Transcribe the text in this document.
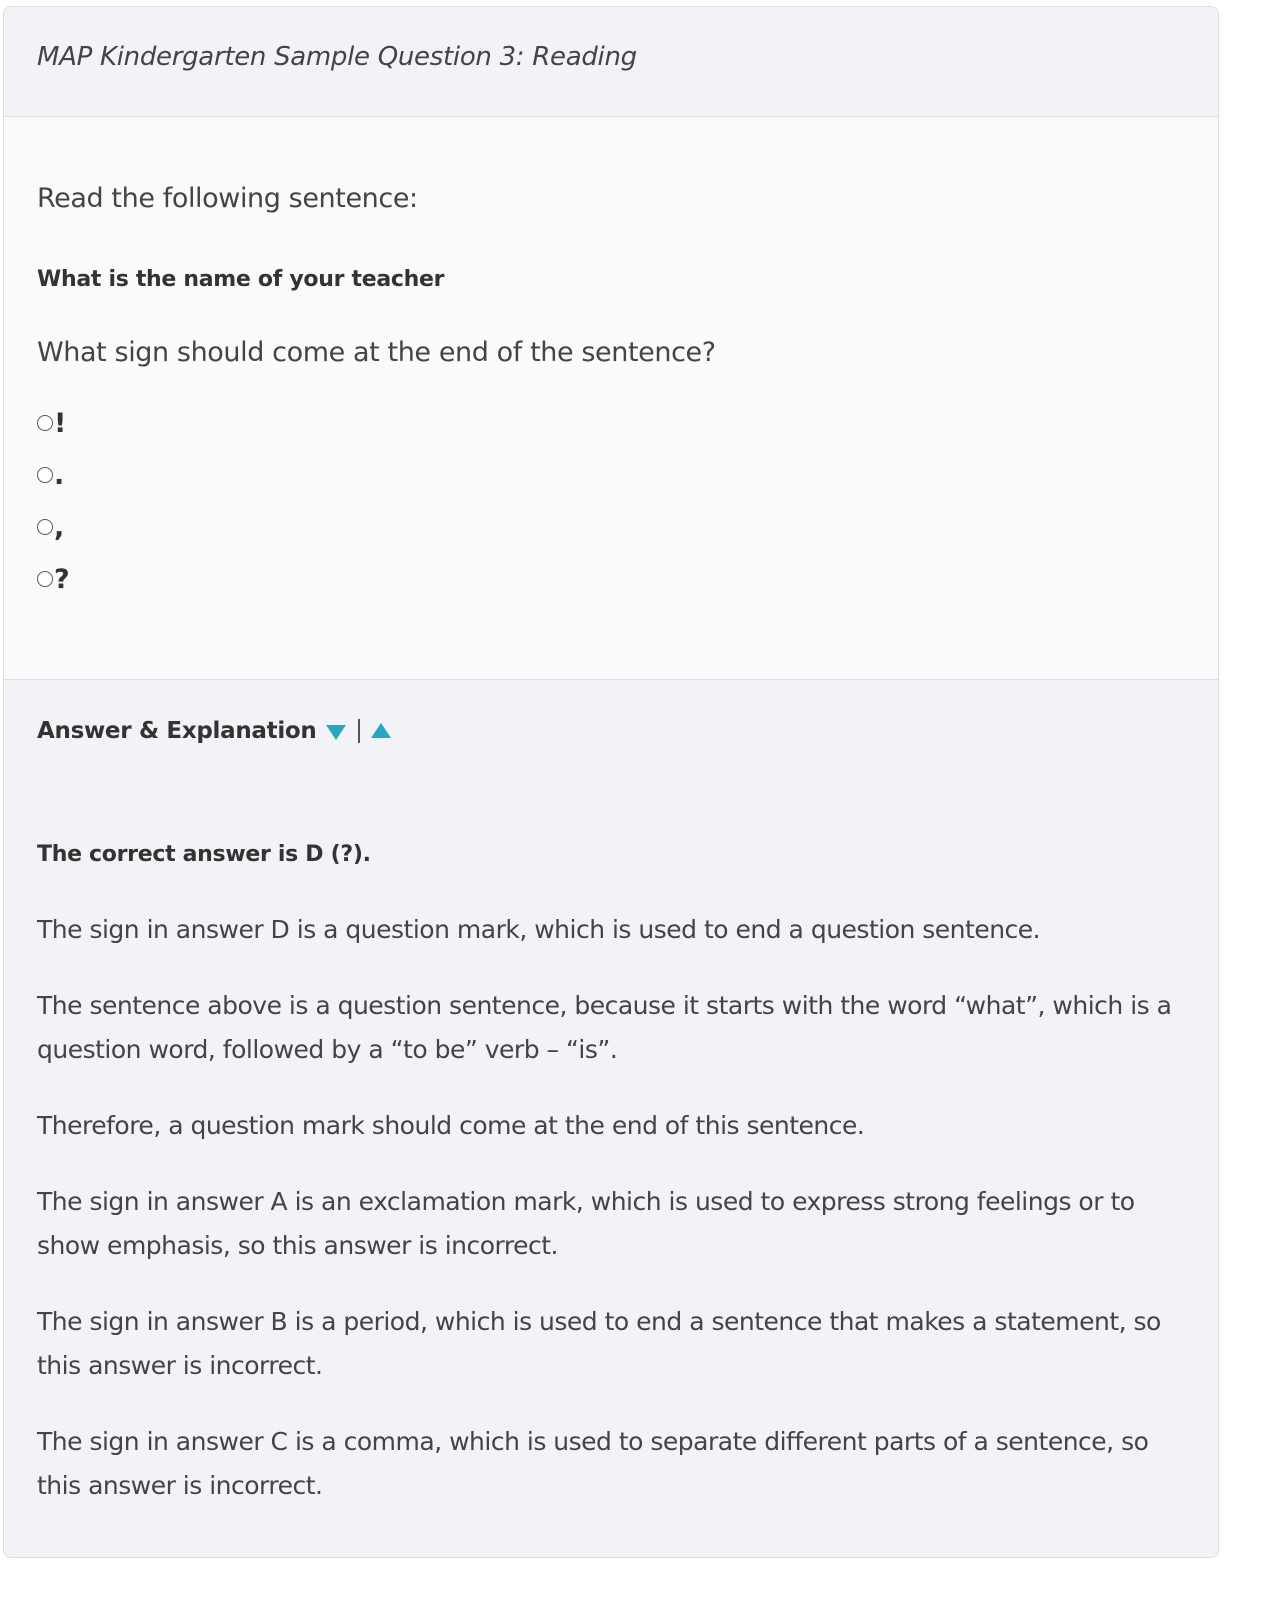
MAP Kindergarten Sample Question 3: Reading
Read the following sentence:
What is the name of your teacher
What sign should come at the end of the sentence?
!
.
,
?
Answer & Explanation
The correct answer is D (?).

The sign in answer D is a question mark, which is used to end a question sentence.

The sentence above is a question sentence, because it starts with the word “what”, which is a question word, followed by a “to be” verb – “is”.

Therefore, a question mark should come at the end of this sentence.

The sign in answer A is an exclamation mark, which is used to express strong feelings or to show emphasis, so this answer is incorrect.

The sign in answer B is a period, which is used to end a sentence that makes a statement, so this answer is incorrect.

The sign in answer C is a comma, which is used to separate different parts of a sentence, so this answer is incorrect.
